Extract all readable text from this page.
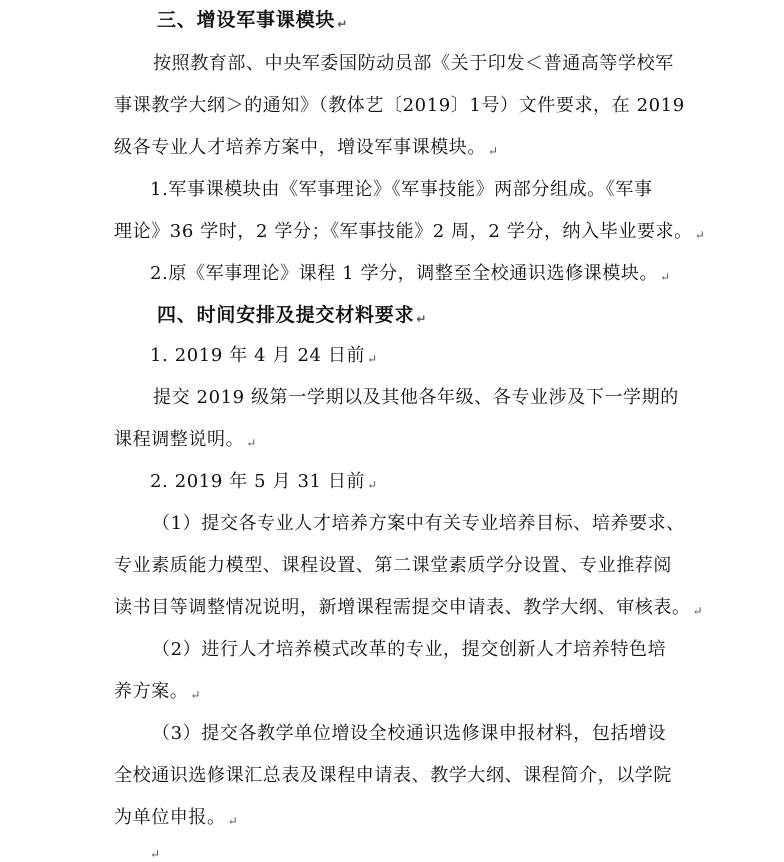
三、增设军事课模块 ↵
按照教育部、中央军委国防动员部《关于印发＜普通高等学校军
事课教学大纲＞的通知》（教体艺〔2019〕1号）文件要求，在 2019
级各专业人才培养方案中，增设军事课模块。 ↵
1.军事课模块由《军事理论》《军事技能》两部分组成。《军事
理论》36 学时，2 学分；《军事技能》2 周，2 学分，纳入毕业要求。 ↵
2.原《军事理论》课程 1 学分，调整至全校通识选修课模块。 ↵
四、时间安排及提交材料要求 ↵
1. 2019 年 4 月 24 日前 ↵
提交 2019 级第一学期以及其他各年级、各专业涉及下一学期的
课程调整说明。 ↵
2. 2019 年 5 月 31 日前 ↵
（1）提交各专业人才培养方案中有关专业培养目标、培养要求、
专业素质能力模型、课程设置、第二课堂素质学分设置、专业推荐阅
读书目等调整情况说明，新增课程需提交申请表、教学大纲、审核表。 ↵
（2）进行人才培养模式改革的专业，提交创新人才培养特色培
养方案。 ↵
（3）提交各教学单位增设全校通识选修课申报材料，包括增设
全校通识选修课汇总表及课程申请表、教学大纲、课程简介，以学院
为单位申报。 ↵
↵
